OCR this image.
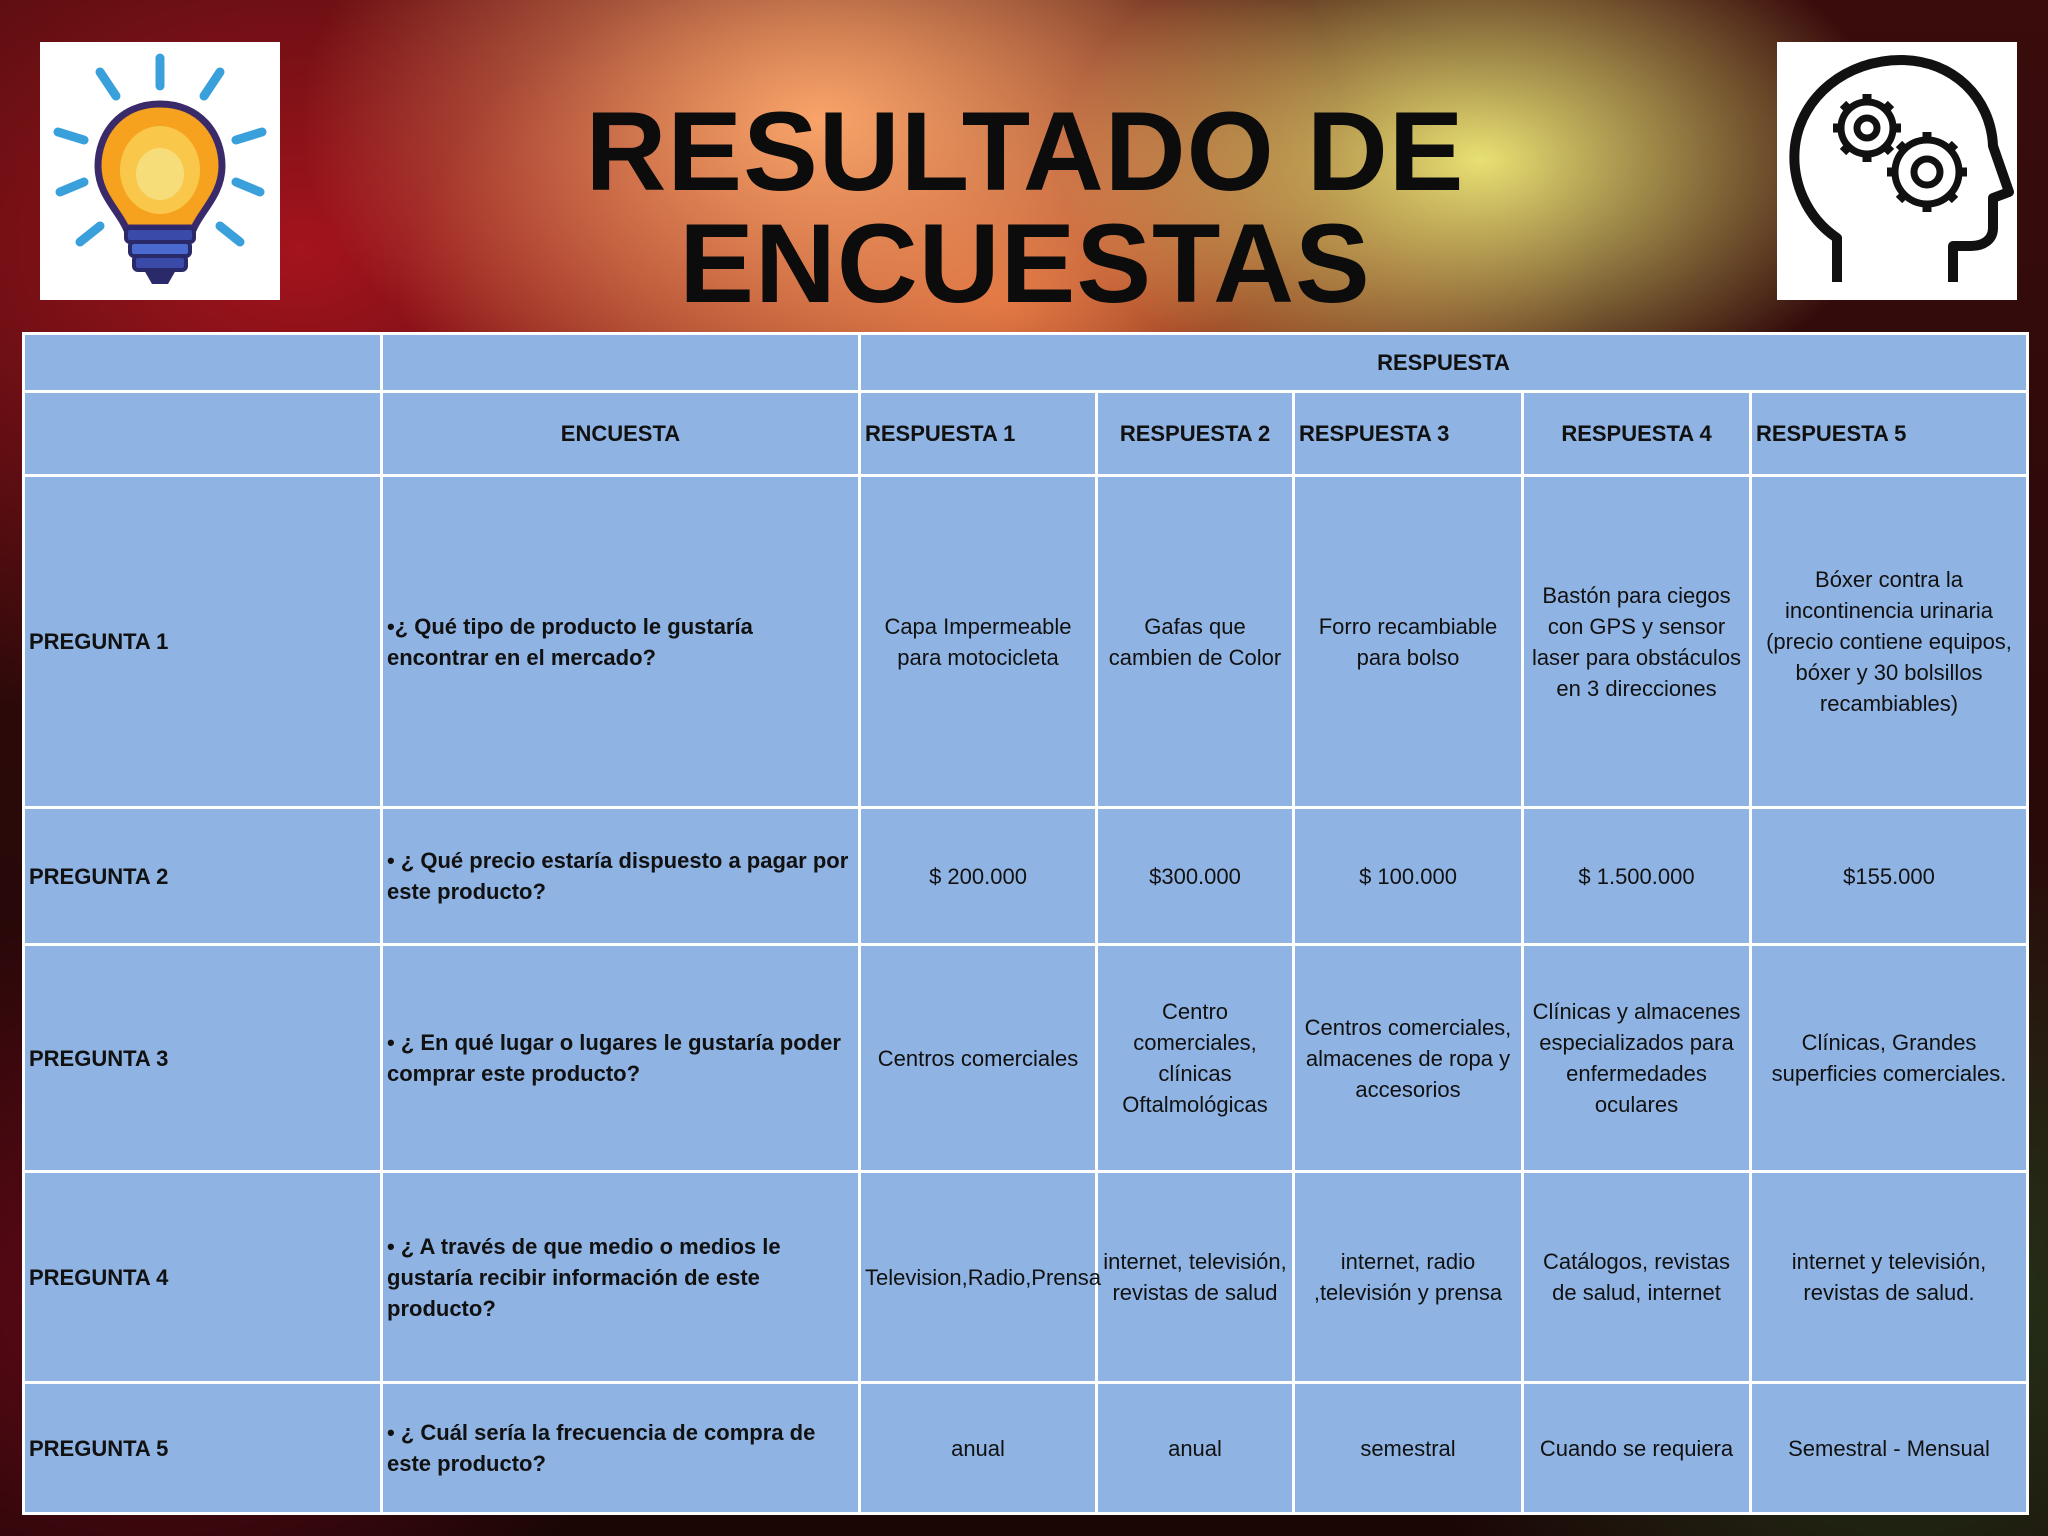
RESULTADO DE ENCUESTAS
		RESPUESTA				
	ENCUESTA	RESPUESTA 1	RESPUESTA 2	RESPUESTA 3	RESPUESTA 4	RESPUESTA 5
PREGUNTA 1	•¿ Qué tipo de producto le gustaría encontrar en el mercado?	Capa Impermeable para motocicleta	Gafas que cambien de Color	Forro recambiable para bolso	Bastón para ciegos con GPS y sensor laser para obstáculos en 3 direcciones	Bóxer contra la incontinencia urinaria (precio contiene equipos, bóxer y 30 bolsillos recambiables)
PREGUNTA 2	• ¿ Qué precio estaría dispuesto a pagar por este producto?	$ 200.000	$300.000	$ 100.000	$ 1.500.000	$155.000
PREGUNTA 3	• ¿ En qué lugar o lugares le gustaría poder comprar este producto?	Centros comerciales	Centro comerciales, clínicas Oftalmológicas	Centros comerciales, almacenes de ropa y accesorios	Clínicas y almacenes especializados para enfermedades oculares	Clínicas, Grandes superficies comerciales.
PREGUNTA 4	• ¿ A través de que medio o medios le gustaría recibir información de este producto?	Television,Radio,Prensa	internet, televisión, revistas de salud	internet, radio ,televisión y prensa	Catálogos, revistas de salud, internet	internet y televisión, revistas de salud.
PREGUNTA 5	• ¿ Cuál sería la frecuencia de compra de este producto?	anual	anual	semestral	Cuando se requiera	Semestral - Mensual
